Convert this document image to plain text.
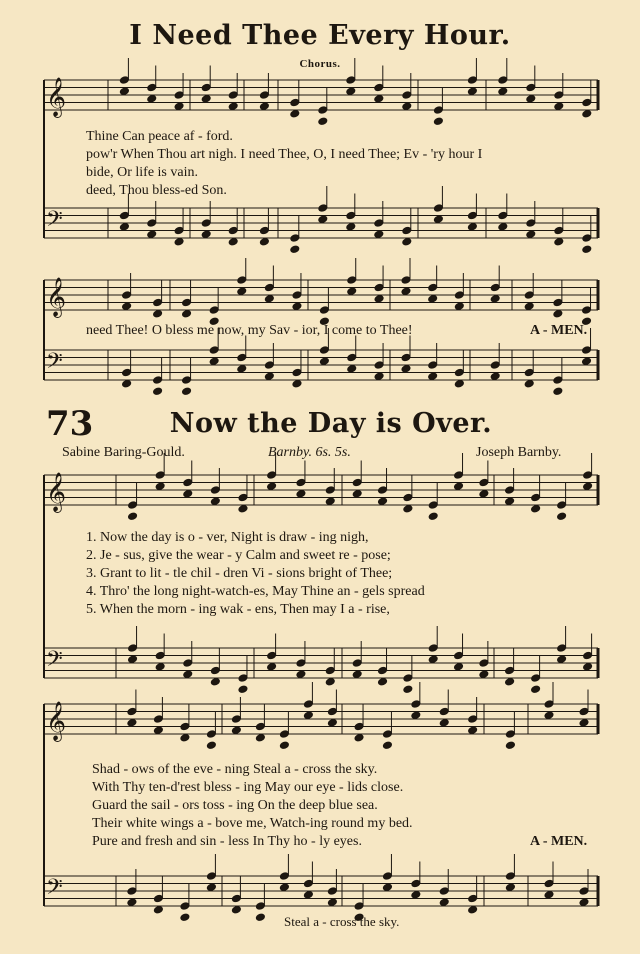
I Need Thee Every Hour.
Chorus.
𝄞
𝄢
𝄞
𝄢
𝄞
𝄢
𝄞
𝄢
Thine Can peace af - ford.
pow'r When Thou art nigh. I need Thee, O, I need Thee; Ev - 'ry hour I
bide, Or life is vain.
deed, Thou bless-ed Son.
need Thee! O bless me now, my Sav - ior, I come to Thee!	A - MEN.
73	Now the Day is Over.
Sabine Baring-Gould.	Barnby. 6s. 5s.	Joseph Barnby.
1. Now the day is o - ver, Night is draw - ing nigh,
2. Je - sus, give the wear - y Calm and sweet re - pose;
3. Grant to lit - tle chil - dren Vi - sions bright of Thee;
4. Thro' the long night-watch-es, May Thine an - gels spread
5. When the morn - ing wak - ens, Then may I a - rise,
Shad - ows of the eve - ning Steal a - cross the sky.
With Thy ten-d'rest bless - ing May our eye - lids close.
Guard the sail - ors toss - ing On the deep blue sea.
Their white wings a - bove me, Watch-ing round my bed.
Pure and fresh and sin - less In Thy ho - ly eyes.	A - MEN.
Steal a - cross the sky.
